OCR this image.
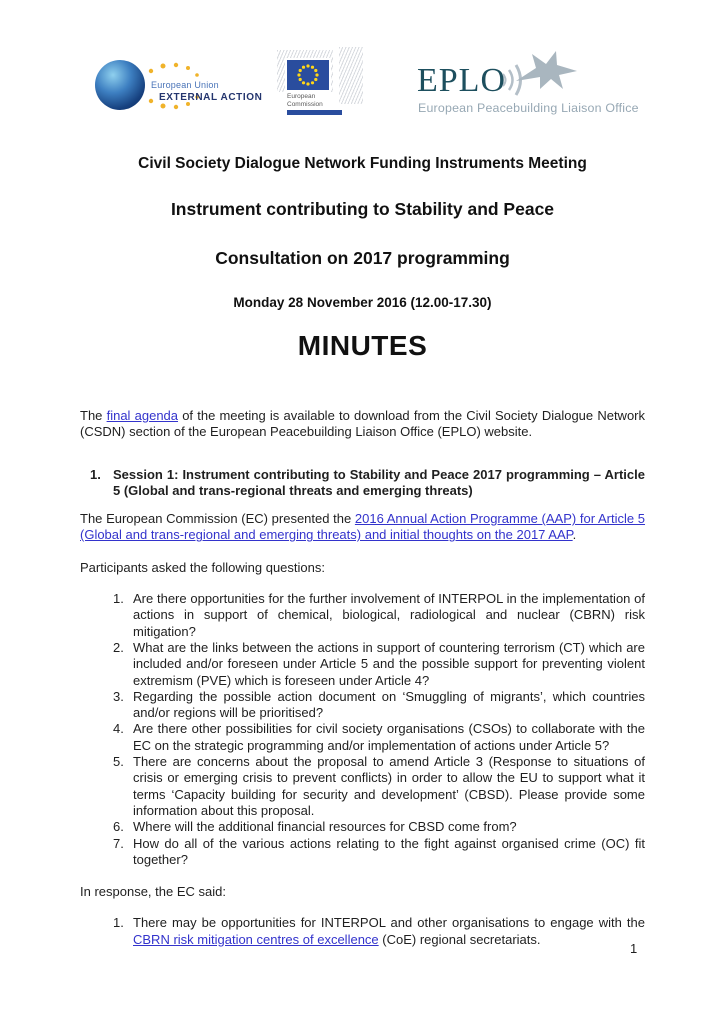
European Union
EXTERNAL ACTION	European
Commission
EPLO
European Peacebuilding Liaison Office
Civil Society Dialogue Network Funding Instruments Meeting
Instrument contributing to Stability and Peace
Consultation on 2017 programming
Monday 28 November 2016 (12.00-17.30)
MINUTES

The final agenda of the meeting is available to download from the Civil Society Dialogue Network (CSDN) section of the European Peacebuilding Liaison Office (EPLO) website.

1. Session 1: Instrument contributing to Stability and Peace 2017 programming – Article 5 (Global and trans-regional threats and emerging threats)

The European Commission (EC) presented the 2016 Annual Action Programme (AAP) for Article 5 (Global and trans-regional and emerging threats) and initial thoughts on the 2017 AAP.

Participants asked the following questions:

1. Are there opportunities for the further involvement of INTERPOL in the implementation of actions in support of chemical, biological, radiological and nuclear (CBRN) risk mitigation?
2. What are the links between the actions in support of countering terrorism (CT) which are included and/or foreseen under Article 5 and the possible support for preventing violent extremism (PVE) which is foreseen under Article 4?
3. Regarding the possible action document on ‘Smuggling of migrants’, which countries and/or regions will be prioritised?
4. Are there other possibilities for civil society organisations (CSOs) to collaborate with the EC on the strategic programming and/or implementation of actions under Article 5?
5. There are concerns about the proposal to amend Article 3 (Response to situations of crisis or emerging crisis to prevent conflicts) in order to allow the EU to support what it terms ‘Capacity building for security and development’ (CBSD). Please provide some information about this proposal.
6. Where will the additional financial resources for CBSD come from?
7. How do all of the various actions relating to the fight against organised crime (OC) fit together?

In response, the EC said:

1. There may be opportunities for INTERPOL and other organisations to engage with the CBRN risk mitigation centres of excellence (CoE) regional secretariats.
1
